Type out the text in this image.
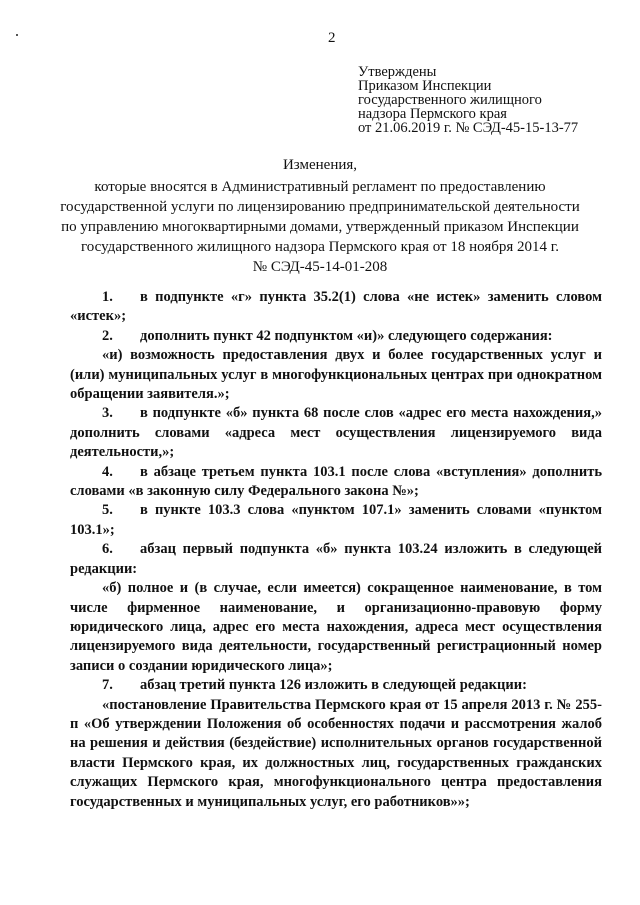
2
Утверждены
Приказом Инспекции
государственного жилищного
надзора Пермского края
от 21.06.2019 г. № СЭД-45-15-13-77
Изменения,
которые вносятся в Административный регламент по предоставлению
государственной услуги по лицензированию предпринимательской деятельности
по управлению многоквартирными домами, утвержденный приказом Инспекции
государственного жилищного надзора Пермского края от 18 ноября 2014 г.
№ СЭД-45-14-01-208
1. в подпункте «г» пункта 35.2(1) слова «не истек» заменить словом «истек»;
2. дополнить пункт 42 подпунктом «и)» следующего содержания:
«и) возможность предоставления двух и более государственных услуг и (или) муниципальных услуг в многофункциональных центрах при однократном обращении заявителя.»;
3. в подпункте «б» пункта 68 после слов «адрес его места нахождения,» дополнить словами «адреса мест осуществления лицензируемого вида деятельности,»;
4. в абзаце третьем пункта 103.1 после слова «вступления» дополнить словами «в законную силу Федерального закона №»;
5. в пункте 103.3 слова «пунктом 107.1» заменить словами «пунктом 103.1»;
6. абзац первый подпункта «б» пункта 103.24 изложить в следующей редакции:
«б) полное и (в случае, если имеется) сокращенное наименование, в том числе фирменное наименование, и организационно-правовую форму юридического лица, адрес его места нахождения, адреса мест осуществления лицензируемого вида деятельности, государственный регистрационный номер записи о создании юридического лица»;
7. абзац третий пункта 126 изложить в следующей редакции:
«постановление Правительства Пермского края от 15 апреля 2013 г. № 255-п «Об утверждении Положения об особенностях подачи и рассмотрения жалоб на решения и действия (бездействие) исполнительных органов государственной власти Пермского края, их должностных лиц, государственных гражданских служащих Пермского края, многофункционального центра предоставления государственных и муниципальных услуг, его работников»»;
